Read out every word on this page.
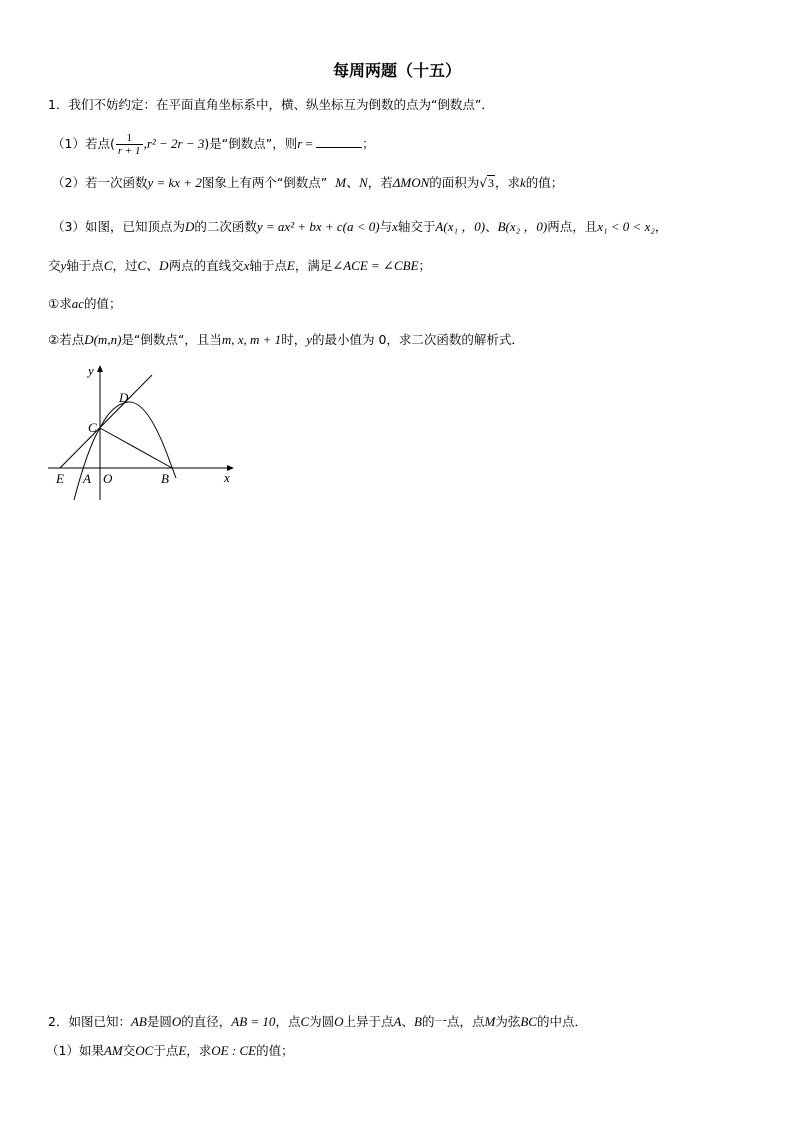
每周两题（十五）
1．我们不妨约定：在平面直角坐标系中，横、纵坐标互为倒数的点为“倒数点”．
（1）若点( $\frac{1}{r + 1} ,r^2 - 2r - 3$)是“倒数点”，则r =	；
（2）若一次函数y = kx + 2图象上有两个“倒数点” M、N，若ΔMON的面积为√3，求k的值；
（3）如图，已知顶点为D的二次函数y = ax² + bx + c(a < 0)与x轴交于A(x₁ ，0)、B(x₂ ，0)两点，且x₁ < 0 < x₂，
交y轴于点C，过C、D两点的直线交x轴于点E，满足∠ACE = ∠CBE；
①求ac的值；
②若点D(m,n)是“倒数点“，且当m, x, m + 1时，y的最小值为 0，求二次函数的解析式．
y
x
D
C
E A O	B
2．如图已知：AB是圆O的直径，AB = 10，点C为圆O上异于点A、B的一点，点M为弦BC的中点．
（1）如果AM交OC于点E，求OE : CE的值；
